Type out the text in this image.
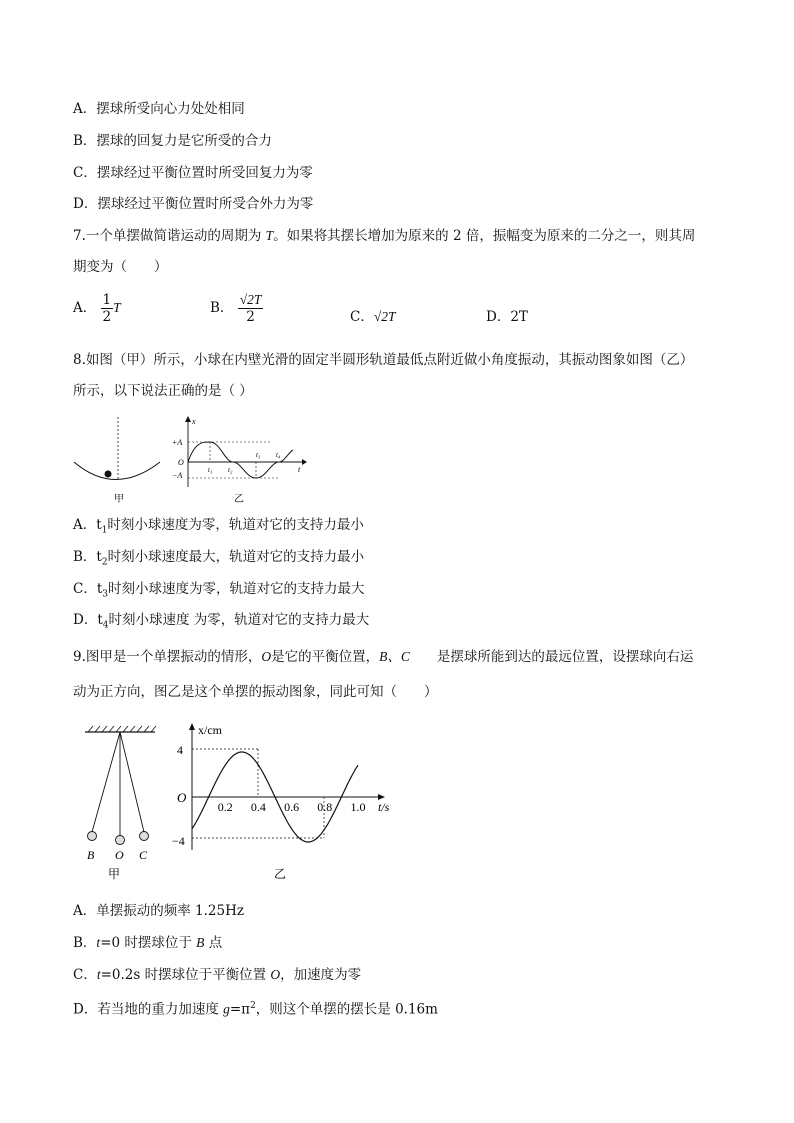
A．摆球所受向心力处处相同
B．摆球的回复力是它所受的合力
C．摆球经过平衡位置时所受回复力为零
D．摆球经过平衡位置时所受合外力为零
7.一个单摆做简谐运动的周期为 T。如果将其摆长增加为原来的 2 倍，振幅变为原来的二分之一，则其周
期变为（　　）
A． $\frac{1}{2}$ T	B． $\frac{√2T}{2}$	C．√2T	D．2T
8.如图（甲）所示，小球在内壁光滑的固定半圆形轨道最低点附近做小角度振动，其振动图象如图（乙）
所示，以下说法正确的是（ ）
甲
x
t
+A
−A
O
t₁ t₂
t₃ t₄
乙
A．$t_1$时刻小球速度为零，轨道对它的支持力最小
B．$t_2$时刻小球速度最大，轨道对它的支持力最小
C．$t_3$时刻小球速度为零，轨道对它的支持力最大
D．$t_4$时刻小球速度 为零，轨道对它的支持力最大
9.图甲是一个单摆振动的情形，O是它的平衡位置，B、C　　是摆球所能到达的最远位置，设摆球向右运
动为正方向，图乙是这个单摆的振动图象，同此可知（　　）
B O C
甲
x/cm
t/s
4
−4
O
0.2 0.4 0.6 0.8 1.0
乙
A．单摆振动的频率 1.25Hz
B．t=0 时摆球位于 B 点
C．t=0.2s 时摆球位于平衡位置 O，加速度为零
D．若当地的重力加速度 $g=\pi^2$，则这个单摆的摆长是 0.16m
